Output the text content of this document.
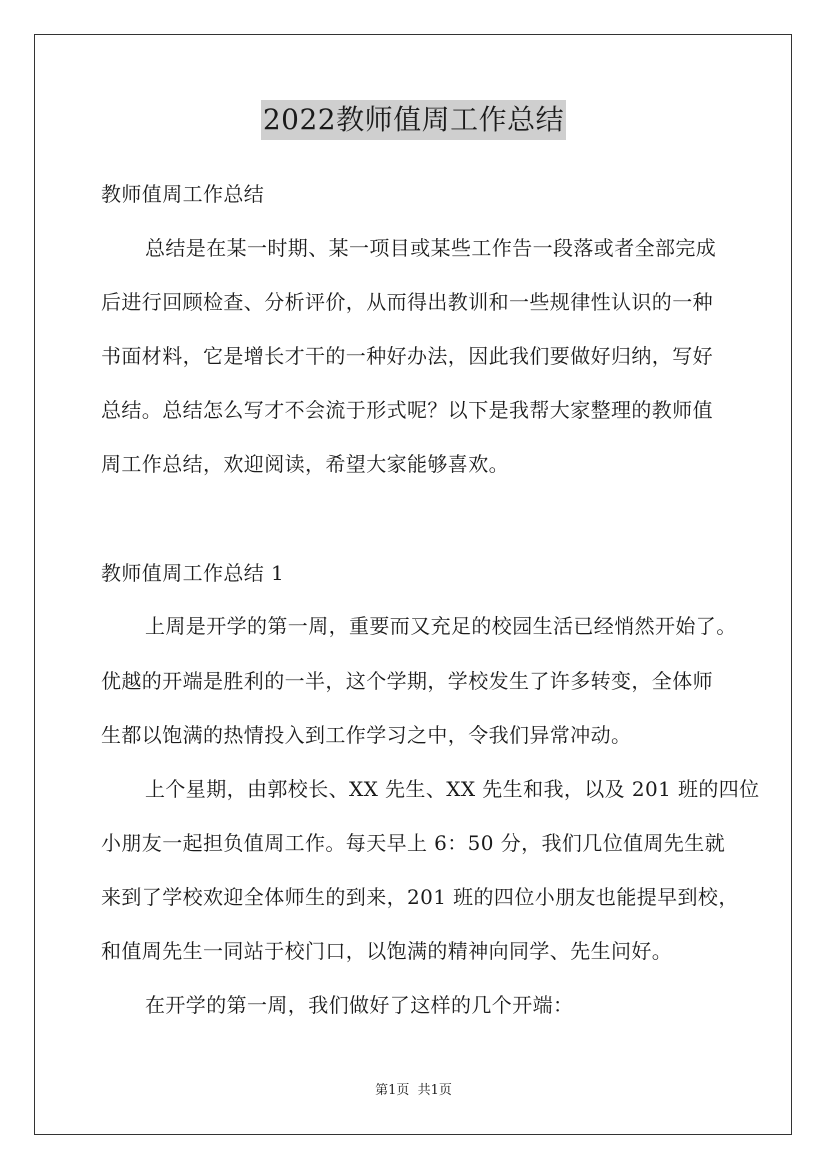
2022教师值周工作总结
教师值周工作总结
总结是在某一时期、某一项目或某些工作告一段落或者全部完成
后进行回顾检查、分析评价，从而得出教训和一些规律性认识的一种
书面材料，它是增长才干的一种好办法，因此我们要做好归纳，写好
总结。总结怎么写才不会流于形式呢？以下是我帮大家整理的教师值
周工作总结，欢迎阅读，希望大家能够喜欢。
教师值周工作总结 1
上周是开学的第一周，重要而又充足的校园生活已经悄然开始了。
优越的开端是胜利的一半，这个学期，学校发生了许多转变，全体师
生都以饱满的热情投入到工作学习之中，令我们异常冲动。
上个星期，由郭校长、XX 先生、XX 先生和我，以及 201 班的四位
小朋友一起担负值周工作。每天早上 6：50 分，我们几位值周先生就
来到了学校欢迎全体师生的到来，201 班的四位小朋友也能提早到校，
和值周先生一同站于校门口，以饱满的精神向同学、先生问好。
在开学的第一周，我们做好了这样的几个开端：
第1页  共1页
